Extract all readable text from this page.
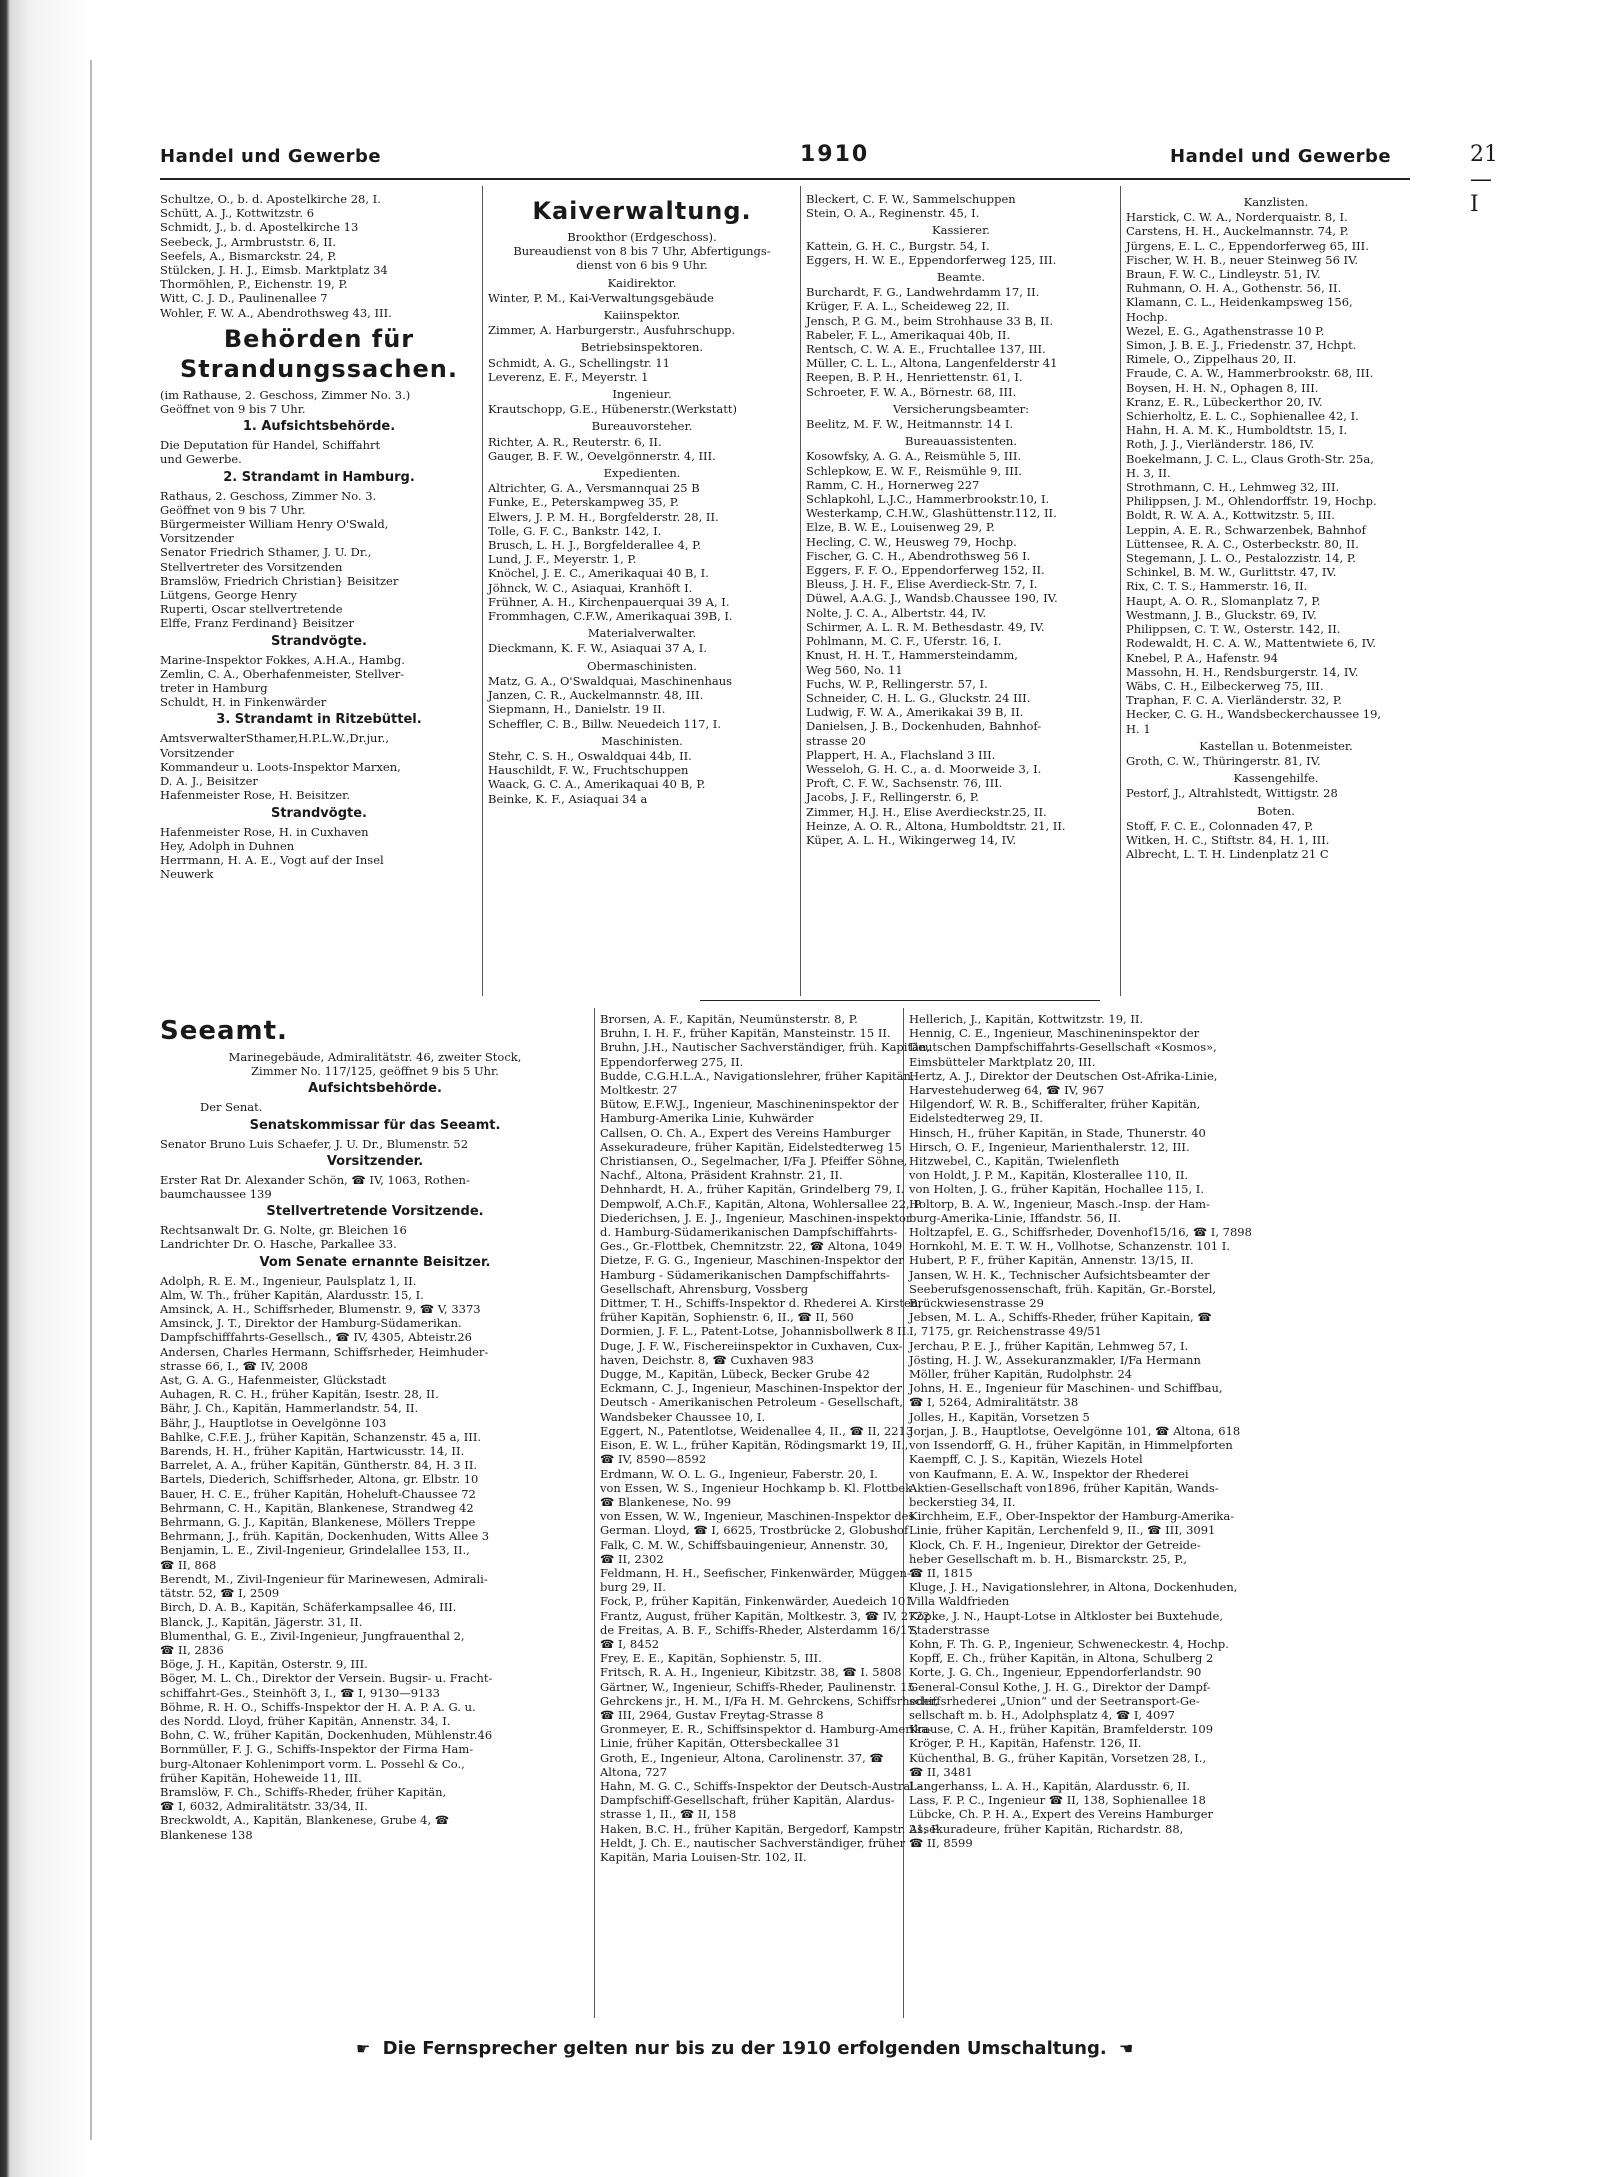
Handel und Gewerbe	1910	Handel und Gewerbe	21—I

Schultze, O., b. d. Apostelkirche 28, I.

Schütt, A. J., Kottwitzstr. 6

Schmidt, J., b. d. Apostelkirche 13

Seebeck, J., Armbruststr. 6, II.

Seefels, A., Bismarckstr. 24, P.

Stülcken, J. H. J., Eimsb. Marktplatz 34

Thormöhlen, P., Eichenstr. 19, P.

Witt, C. J. D., Paulinenallee 7

Wohler, F. W. A., Abendrothsweg 43, III.

Behörden für Strandungssachen.

(im Rathause, 2. Geschoss, Zimmer No. 3.)

Geöffnet von 9 bis 7 Uhr.

1. Aufsichtsbehörde.

Die Deputation für Handel, Schiffahrt

und Gewerbe.

2. Strandamt in Hamburg.

Rathaus, 2. Geschoss, Zimmer No. 3.

Geöffnet von 9 bis 7 Uhr.

Bürgermeister William Henry O'Swald,

Vorsitzender

Senator Friedrich Sthamer, J. U. Dr.,

Stellvertreter des Vorsitzenden

Bramslöw, Friedrich Christian} Beisitzer

Lütgens, George Henry

Ruperti, Oscar stellvertretende

Elffe, Franz Ferdinand} Beisitzer

Strandvögte.

Marine-Inspektor Fokkes, A.H.A., Hambg.

Zemlin, C. A., Oberhafenmeister, Stellver-

treter in Hamburg

Schuldt, H. in Finkenwärder

3. Strandamt in Ritzebüttel.

AmtsverwalterSthamer,H.P.L.W.,Dr.jur.,

Vorsitzender

Kommandeur u. Loots-Inspektor Marxen,

D. A. J., Beisitzer

Hafenmeister Rose, H. Beisitzer.

Strandvögte.

Hafenmeister Rose, H. in Cuxhaven

Hey, Adolph in Duhnen

Herrmann, H. A. E., Vogt auf der Insel

Neuwerk

Kaiverwaltung.

Brookthor (Erdgeschoss).

Bureaudienst von 8 bis 7 Uhr, Abfertigungs-

dienst von 6 bis 9 Uhr.

Kaidirektor.

Winter, P. M., Kai-Verwaltungsgebäude

Kaiinspektor.

Zimmer, A. Harburgerstr., Ausfuhrschupp.

Betriebsinspektoren.

Schmidt, A. G., Schellingstr. 11

Leverenz, E. F., Meyerstr. 1

Ingenieur.

Krautschopp, G.E., Hübenerstr.(Werkstatt)

Bureauvorsteher.

Richter, A. R., Reuterstr. 6, II.

Gauger, B. F. W., Oevelgönnerstr. 4, III.

Expedienten.

Altrichter, G. A., Versmannquai 25 B

Funke, E., Peterskampweg 35, P.

Elwers, J. P. M. H., Borgfelderstr. 28, II.

Tolle, G. F. C., Bankstr. 142, I.

Brusch, L. H. J., Borgfelderallee 4, P.

Lund, J. F., Meyerstr. 1, P.

Knöchel, J. E. C., Amerikaquai 40 B, I.

Jöhnck, W. C., Asiaquai, Kranhöft I.

Frühner, A. H., Kirchenpauerquai 39 A, I.

Frommhagen, C.F.W., Amerikaquai 39B, I.

Materialverwalter.

Dieckmann, K. F. W., Asiaquai 37 A, I.

Obermaschinisten.

Matz, G. A., O'Swaldquai, Maschinenhaus

Janzen, C. R., Auckelmannstr. 48, III.

Siepmann, H., Danielstr. 19 II.

Scheffler, C. B., Billw. Neuedeich 117, I.

Maschinisten.

Stehr, C. S. H., Oswaldquai 44b, II.

Hauschildt, F. W., Fruchtschuppen

Waack, G. C. A., Amerikaquai 40 B, P.

Beinke, K. F., Asiaquai 34 a

Bleckert, C. F. W., Sammelschuppen

Stein, O. A., Reginenstr. 45, I.

Kassierer.

Kattein, G. H. C., Burgstr. 54, I.

Eggers, H. W. E., Eppendorferweg 125, III.

Beamte.

Burchardt, F. G., Landwehrdamm 17, II.

Krüger, F. A. L., Scheideweg 22, II.

Jensch, P. G. M., beim Strohhause 33 B, II.

Rabeler, F. L., Amerikaquai 40b, II.

Rentsch, C. W. A. E., Fruchtallee 137, III.

Müller, C. L. L., Altona, Langenfelderstr 41

Reepen, B. P. H., Henriettenstr. 61, I.

Schroeter, F. W. A., Börnestr. 68, III.

Versicherungsbeamter:

Beelitz, M. F. W., Heitmannstr. 14 I.

Bureauassistenten.

Kosowfsky, A. G. A., Reismühle 5, III.

Schlepkow, E. W. F., Reismühle 9, III.

Ramm, C. H., Hornerweg 227

Schlapkohl, L.J.C., Hammerbrookstr.10, I.

Westerkamp, C.H.W., Glashüttenstr.112, II.

Elze, B. W. E., Louisenweg 29, P.

Hecling, C. W., Heusweg 79, Hochp.

Fischer, G. C. H., Abendrothsweg 56 I.

Eggers, F. F. O., Eppendorferweg 152, II.

Bleuss, J. H. F., Elise Averdieck-Str. 7, I.

Düwel, A.A.G. J., Wandsb.Chaussee 190, IV.

Nolte, J. C. A., Albertstr. 44, IV.

Schirmer, A. L. R. M. Bethesdastr. 49, IV.

Pohlmann, M. C. F., Uferstr. 16, I.

Knust, H. H. T., Hammersteindamm,

Weg 560, No. 11

Fuchs, W. P., Rellingerstr. 57, I.

Schneider, C. H. L. G., Gluckstr. 24 III.

Ludwig, F. W. A., Amerikakai 39 B, II.

Danielsen, J. B., Dockenhuden, Bahnhof-

strasse 20

Plappert, H. A., Flachsland 3 III.

Wesseloh, G. H. C., a. d. Moorweide 3, I.

Proft, C. F. W., Sachsenstr. 76, III.

Jacobs, J. F., Rellingerstr. 6, P.

Zimmer, H.J. H., Elise Averdieckstr.25, II.

Heinze, A. O. R., Altona, Humboldtstr. 21, II.

Küper, A. L. H., Wikingerweg 14, IV.

Kanzlisten.

Harstick, C. W. A., Norderquaistr. 8, I.

Carstens, H. H., Auckelmannstr. 74, P.

Jürgens, E. L. C., Eppendorferweg 65, III.

Fischer, W. H. B., neuer Steinweg 56 IV.

Braun, F. W. C., Lindleystr. 51, IV.

Ruhmann, O. H. A., Gothenstr. 56, II.

Klamann, C. L., Heidenkampsweg 156,

Hochp.

Wezel, E. G., Agathenstrasse 10 P.

Simon, J. B. E. J., Friedenstr. 37, Hchpt.

Rimele, O., Zippelhaus 20, II.

Fraude, C. A. W., Hammerbrookstr. 68, III.

Boysen, H. H. N., Ophagen 8, III.

Kranz, E. R., Lübeckerthor 20, IV.

Schierholtz, E. L. C., Sophienallee 42, I.

Hahn, H. A. M. K., Humboldtstr. 15, I.

Roth, J. J., Vierländerstr. 186, IV.

Boekelmann, J. C. L., Claus Groth-Str. 25a,

H. 3, II.

Strothmann, C. H., Lehmweg 32, III.

Philippsen, J. M., Ohlendorffstr. 19, Hochp.

Boldt, R. W. A. A., Kottwitzstr. 5, III.

Leppin, A. E. R., Schwarzenbek, Bahnhof

Lüttensee, R. A. C., Osterbeckstr. 80, II.

Stegemann, J. L. O., Pestalozzistr. 14, P.

Schinkel, B. M. W., Gurlittstr. 47, IV.

Rix, C. T. S., Hammerstr. 16, II.

Haupt, A. O. R., Slomanplatz 7, P.

Westmann, J. B., Gluckstr. 69, IV.

Philippsen, C. T. W., Osterstr. 142, II.

Rodewaldt, H. C. A. W., Mattentwiete 6, IV.

Knebel, P. A., Hafenstr. 94

Massohn, H. H., Rendsburgerstr. 14, IV.

Wäbs, C. H., Eilbeckerweg 75, III.

Traphan, F. C. A. Vierländerstr. 32, P.

Hecker, C. G. H., Wandsbeckerchaussee 19,

H. 1

Kastellan u. Botenmeister.

Groth, C. W., Thüringerstr. 81, IV.

Kassengehilfe.

Pestorf, J., Altrahlstedt, Wittigstr. 28

Boten.

Stoff, F. C. E., Colonnaden 47, P.

Witken, H. C., Stiftstr. 84, H. 1, III.

Albrecht, L. T. H. Lindenplatz 21 C

Seeamt.

Marinegebäude, Admiralitätstr. 46, zweiter Stock,

Zimmer No. 117/125, geöffnet 9 bis 5 Uhr.

Aufsichtsbehörde.

Der Senat.

Senatskommissar für das Seeamt.

Senator Bruno Luis Schaefer, J. U. Dr., Blumenstr. 52

Vorsitzender.

Erster Rat Dr. Alexander Schön, ☎ IV, 1063, Rothen-

baumchaussee 139

Stellvertretende Vorsitzende.

Rechtsanwalt Dr. G. Nolte, gr. Bleichen 16

Landrichter Dr. O. Hasche, Parkallee 33.

Vom Senate ernannte Beisitzer.

Adolph, R. E. M., Ingenieur, Paulsplatz 1, II.

Alm, W. Th., früher Kapitän, Alardusstr. 15, I.

Amsinck, A. H., Schiffsrheder, Blumenstr. 9, ☎ V, 3373

Amsinck, J. T., Direktor der Hamburg-Südamerikan.

Dampfschifffahrts-Gesellsch., ☎ IV, 4305, Abteistr.26

Andersen, Charles Hermann, Schiffsrheder, Heimhuder-

strasse 66, I., ☎ IV, 2008

Ast, G. A. G., Hafenmeister, Glückstadt

Auhagen, R. C. H., früher Kapitän, Isestr. 28, II.

Bähr, J. Ch., Kapitän, Hammerlandstr. 54, II.

Bähr, J., Hauptlotse in Oevelgönne 103

Bahlke, C.F.E. J., früher Kapitän, Schanzenstr. 45 a, III.

Barends, H. H., früher Kapitän, Hartwicusstr. 14, II.

Barrelet, A. A., früher Kapitän, Güntherstr. 84, H. 3 II.

Bartels, Diederich, Schiffsrheder, Altona, gr. Elbstr. 10

Bauer, H. C. E., früher Kapitän, Hoheluft-Chaussee 72

Behrmann, C. H., Kapitän, Blankenese, Strandweg 42

Behrmann, G. J., Kapitän, Blankenese, Möllers Treppe

Behrmann, J., früh. Kapitän, Dockenhuden, Witts Allee 3

Benjamin, L. E., Zivil-Ingenieur, Grindelallee 153, II.,

☎ II, 868

Berendt, M., Zivil-Ingenieur für Marinewesen, Admirali-

tätstr. 52, ☎ I, 2509

Birch, D. A. B., Kapitän, Schäferkampsallee 46, III.

Blanck, J., Kapitän, Jägerstr. 31, II.

Blumenthal, G. E., Zivil-Ingenieur, Jungfrauenthal 2,

☎ II, 2836

Böge, J. H., Kapitän, Osterstr. 9, III.

Böger, M. L. Ch., Direktor der Versein. Bugsir- u. Fracht-

schiffahrt-Ges., Steinhöft 3, I., ☎ I, 9130—9133

Böhme, R. H. O., Schiffs-Inspektor der H. A. P. A. G. u.

des Nordd. Lloyd, früher Kapitän, Annenstr. 34, I.

Bohn, C. W., früher Kapitän, Dockenhuden, Mühlenstr.46

Bornmüller, F. J. G., Schiffs-Inspektor der Firma Ham-

burg-Altonaer Kohlenimport vorm. L. Possehl & Co.,

früher Kapitän, Hoheweide 11, III.

Bramslöw, F. Ch., Schiffs-Rheder, früher Kapitän,

☎ I, 6032, Admiralitätstr. 33/34, II.

Breckwoldt, A., Kapitän, Blankenese, Grube 4, ☎

Blankenese 138

Brorsen, A. F., Kapitän, Neumünsterstr. 8, P.

Bruhn, I. H. F., früher Kapitän, Mansteinstr. 15 II.

Bruhn, J.H., Nautischer Sachverständiger, früh. Kapitän,

Eppendorferweg 275, II.

Budde, C.G.H.L.A., Navigationslehrer, früher Kapitän,

Moltkestr. 27

Bütow, E.F.W.J., Ingenieur, Maschineninspektor der

Hamburg-Amerika Linie, Kuhwärder

Callsen, O. Ch. A., Expert des Vereins Hamburger

Assekuradeure, früher Kapitän, Eidelstedterweg 15

Christiansen, O., Segelmacher, I/Fa J. Pfeiffer Söhne,

Nachf., Altona, Präsident Krahnstr. 21, II.

Dehnhardt, H. A., früher Kapitän, Grindelberg 79, I.

Dempwolf, A.Ch.F., Kapitän, Altona, Wohlersallee 22, P.

Diederichsen, J. E. J., Ingenieur, Maschinen-inspektor

d. Hamburg-Südamerikanischen Dampfschiffahrts-

Ges., Gr.-Flottbek, Chemnitzstr. 22, ☎ Altona, 1049

Dietze, F. G. G., Ingenieur, Maschinen-Inspektor der

Hamburg - Südamerikanischen Dampfschiffahrts-

Gesellschaft, Ahrensburg, Vossberg

Dittmer, T. H., Schiffs-Inspektor d. Rhederei A. Kirsten,

früher Kapitän, Sophienstr. 6, II., ☎ II, 560

Dormien, J. F. L., Patent-Lotse, Johannisbollwerk 8 II.

Duge, J. F. W., Fischereiinspektor in Cuxhaven, Cux-

haven, Deichstr. 8, ☎ Cuxhaven 983

Dugge, M., Kapitän, Lübeck, Becker Grube 42

Eckmann, C. J., Ingenieur, Maschinen-Inspektor der

Deutsch - Amerikanischen Petroleum - Gesellschaft,

Wandsbeker Chaussee 10, I.

Eggert, N., Patentlotse, Weidenallee 4, II., ☎ II, 2213

Eison, E. W. L., früher Kapitän, Rödingsmarkt 19, II.,

☎ IV, 8590—8592

Erdmann, W. O. L. G., Ingenieur, Faberstr. 20, I.

von Essen, W. S., Ingenieur Hochkamp b. Kl. Flottbek

☎ Blankenese, No. 99

von Essen, W. W., Ingenieur, Maschinen-Inspektor des

German. Lloyd, ☎ I, 6625, Trostbrücke 2, Globushof

Falk, C. M. W., Schiffsbauingenieur, Annenstr. 30,

☎ II, 2302

Feldmann, H. H., Seefischer, Finkenwärder, Müggen-

burg 29, II.

Fock, P., früher Kapitän, Finkenwärder, Auedeich 101

Frantz, August, früher Kapitän, Moltkestr. 3, ☎ IV, 2722

de Freitas, A. B. F., Schiffs-Rheder, Alsterdamm 16/17,

☎ I, 8452

Frey, E. E., Kapitän, Sophienstr. 5, III.

Fritsch, R. A. H., Ingenieur, Kibitzstr. 38, ☎ I. 5808

Gärtner, W., Ingenieur, Schiffs-Rheder, Paulinenstr. 15

Gehrckens jr., H. M., I/Fa H. M. Gehrckens, Schiffsrheder,

☎ III, 2964, Gustav Freytag-Strasse 8

Gronmeyer, E. R., Schiffsinspektor d. Hamburg-Amerika-

Linie, früher Kapitän, Ottersbeckallee 31

Groth, E., Ingenieur, Altona, Carolinenstr. 37, ☎

Altona, 727

Hahn, M. G. C., Schiffs-Inspektor der Deutsch-Austral.-

Dampfschiff-Gesellschaft, früher Kapitän, Alardus-

strasse 1, II., ☎ II, 158

Haken, B.C. H., früher Kapitän, Bergedorf, Kampstr. 21, P.

Heldt, J. Ch. E., nautischer Sachverständiger, früher

Kapitän, Maria Louisen-Str. 102, II.

Hellerich, J., Kapitän, Kottwitzstr. 19, II.

Hennig, C. E., Ingenieur, Maschineninspektor der

Deutschen Dampfschiffahrts-Gesellschaft «Kosmos»,

Eimsbütteler Marktplatz 20, III.

Hertz, A. J., Direktor der Deutschen Ost-Afrika-Linie,

Harvestehuderweg 64, ☎ IV, 967

Hilgendorf, W. R. B., Schifferalter, früher Kapitän,

Eidelstedterweg 29, II.

Hinsch, H., früher Kapitän, in Stade, Thunerstr. 40

Hirsch, O. F., Ingenieur, Marienthalerstr. 12, III.

Hitzwebel, C., Kapitän, Twielenfleth

von Holdt, J. P. M., Kapitän, Klosterallee 110, II.

von Holten, J. G., früher Kapitän, Hochallee 115, I.

Holtorp, B. A. W., Ingenieur, Masch.-Insp. der Ham-

burg-Amerika-Linie, Iffandstr. 56, II.

Holtzapfel, E. G., Schiffsrheder, Dovenhof15/16, ☎ I, 7898

Hornkohl, M. E. T. W. H., Vollhotse, Schanzenstr. 101 I.

Hubert, P. F., früher Kapitän, Annenstr. 13/15, II.

Jansen, W. H. K., Technischer Aufsichtsbeamter der

Seeberufsgenossenschaft, früh. Kapitän, Gr.-Borstel,

Brückwiesenstrasse 29

Jebsen, M. L. A., Schiffs-Rheder, früher Kapitain, ☎

I, 7175, gr. Reichenstrasse 49/51

Jerchau, P. E. J., früher Kapitän, Lehmweg 57, I.

Jösting, H. J. W., Assekuranzmakler, I/Fa Hermann

Möller, früher Kapitän, Rudolphstr. 24

Johns, H. E., Ingenieur für Maschinen- und Schiffbau,

☎ I, 5264, Admiralitätstr. 38

Jolles, H., Kapitän, Vorsetzen 5

Jorjan, J. B., Hauptlotse, Oevelgönne 101, ☎ Altona, 618

von Issendorff, G. H., früher Kapitän, in Himmelpforten

Kaempff, C. J. S., Kapitän, Wiezels Hotel

von Kaufmann, E. A. W., Inspektor der Rhederei

Aktien-Gesellschaft von1896, früher Kapitän, Wands-

beckerstieg 34, II.

Kirchheim, E.F., Ober-Inspektor der Hamburg-Amerika-

Linie, früher Kapitän, Lerchenfeld 9, II., ☎ III, 3091

Klock, Ch. F. H., Ingenieur, Direktor der Getreide-

heber Gesellschaft m. b. H., Bismarckstr. 25, P.,

☎ II, 1815

Kluge, J. H., Navigationslehrer, in Altona, Dockenhuden,

Villa Waldfrieden

Köpke, J. N., Haupt-Lotse in Altkloster bei Buxtehude,

Staderstrasse

Kohn, F. Th. G. P., Ingenieur, Schweneckestr. 4, Hochp.

Kopff, E. Ch., früher Kapitän, in Altona, Schulberg 2

Korte, J. G. Ch., Ingenieur, Eppendorferlandstr. 90

General-Consul Kothe, J. H. G., Direktor der Dampf-

schiffsrhederei „Union“ und der Seetransport-Ge-

sellschaft m. b. H., Adolphsplatz 4, ☎ I, 4097

Krause, C. A. H., früher Kapitän, Bramfelderstr. 109

Kröger, P. H., Kapitän, Hafenstr. 126, II.

Küchenthal, B. G., früher Kapitän, Vorsetzen 28, I.,

☎ II, 3481

Langerhanss, L. A. H., Kapitän, Alardusstr. 6, II.

Lass, F. P. C., Ingenieur ☎ II, 138, Sophienallee 18

Lübcke, Ch. P. H. A., Expert des Vereins Hamburger

Assekuradeure, früher Kapitän, Richardstr. 88,

☎ II, 8599

☛ Die Fernsprecher gelten nur bis zu der 1910 erfolgenden Umschaltung. ☚
